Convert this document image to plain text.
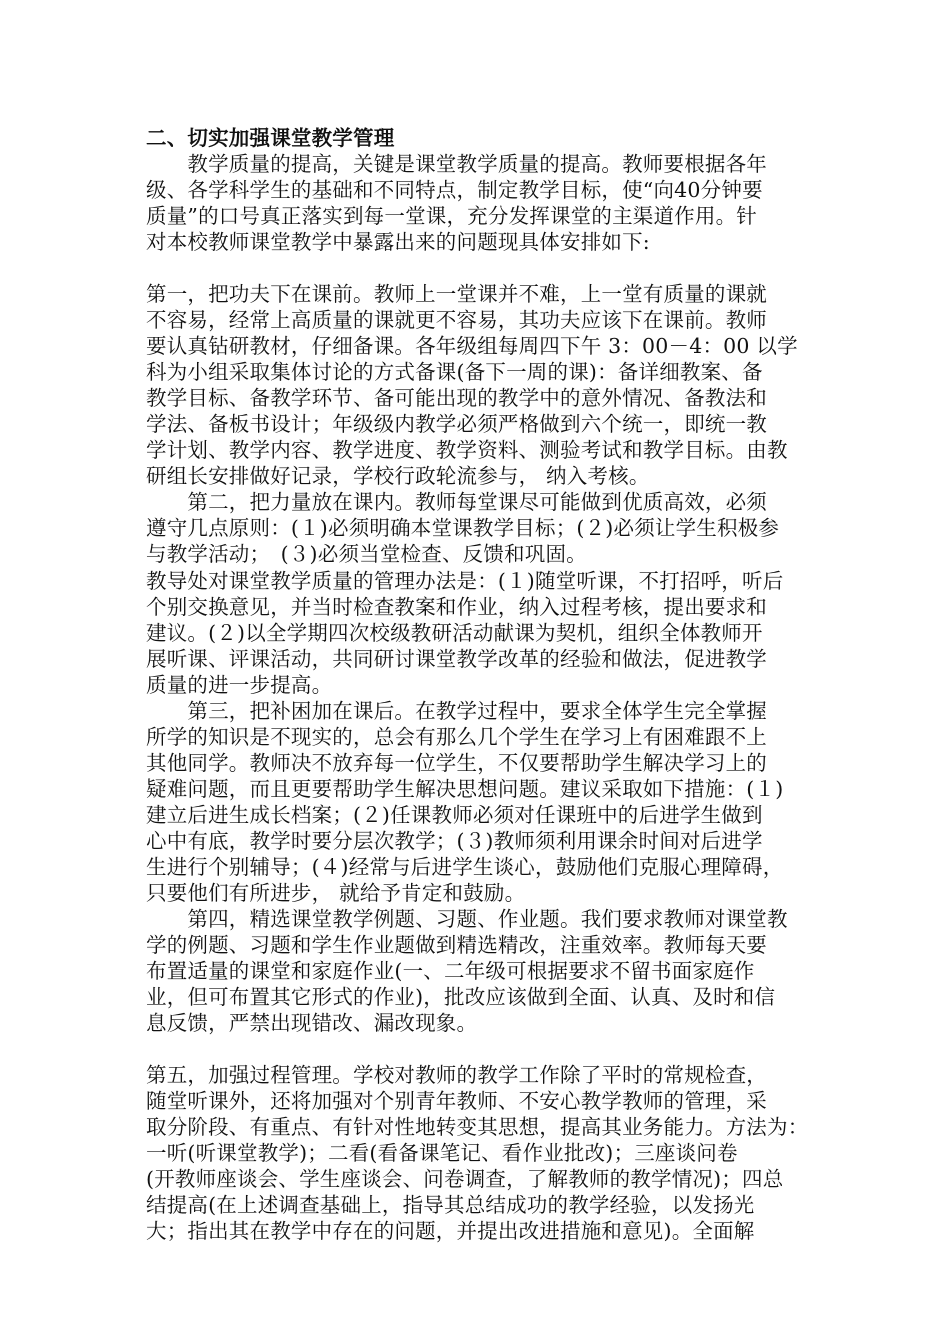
二、切实加强课堂教学管理
　　教学质量的提高，关键是课堂教学质量的提高。教师要根据各年
级、各学科学生的基础和不同特点，制定教学目标，使“向40分钟要
质量”的口号真正落实到每一堂课，充分发挥课堂的主渠道作用。针
对本校教师课堂教学中暴露出来的问题现具体安排如下:
第一，把功夫下在课前。教师上一堂课并不难，上一堂有质量的课就
不容易，经常上高质量的课就更不容易，其功夫应该下在课前。教师
要认真钻研教材，仔细备课。各年级组每周四下午 3：00－4：00 以学
科为小组采取集体讨论的方式备课(备下一周的课)：备详细教案、备
教学目标、备教学环节、备可能出现的教学中的意外情况、备教法和
学法、备板书设计；年级级内教学必须严格做到六个统一，即统一教
学计划、教学内容、教学进度、教学资料、测验考试和教学目标。由教
研组长安排做好记录，学校行政轮流参与， 纳入考核。
　　第二，把力量放在课内。教师每堂课尽可能做到优质高效，必须
遵守几点原则：(１)必须明确本堂课教学目标；(２)必须让学生积极参
与教学活动；　(３)必须当堂检查、反馈和巩固。
教导处对课堂教学质量的管理办法是：(１)随堂听课，不打招呼，听后
个别交换意见，并当时检查教案和作业，纳入过程考核，提出要求和
建议。(２)以全学期四次校级教研活动献课为契机，组织全体教师开
展听课、评课活动，共同研讨课堂教学改革的经验和做法，促进教学
质量的进一步提高。
　　第三，把补困加在课后。在教学过程中，要求全体学生完全掌握
所学的知识是不现实的，总会有那么几个学生在学习上有困难跟不上
其他同学。教师决不放弃每一位学生，不仅要帮助学生解决学习上的
疑难问题，而且更要帮助学生解决思想问题。建议采取如下措施：(１)
建立后进生成长档案；(２)任课教师必须对任课班中的后进学生做到
心中有底，教学时要分层次教学；(３)教师须利用课余时间对后进学
生进行个别辅导；(４)经常与后进学生谈心，鼓励他们克服心理障碍，
只要他们有所进步， 就给予肯定和鼓励。
　　第四，精选课堂教学例题、习题、作业题。我们要求教师对课堂教
学的例题、习题和学生作业题做到精选精改，注重效率。教师每天要
布置适量的课堂和家庭作业(一、二年级可根据要求不留书面家庭作
业，但可布置其它形式的作业)，批改应该做到全面、认真、及时和信
息反馈，严禁出现错改、漏改现象。
第五，加强过程管理。学校对教师的教学工作除了平时的常规检查，
随堂听课外，还将加强对个别青年教师、不安心教学教师的管理，采
取分阶段、有重点、有针对性地转变其思想，提高其业务能力。方法为：
一听(听课堂教学)；二看(看备课笔记、看作业批改)；三座谈问卷
(开教师座谈会、学生座谈会、问卷调查，了解教师的教学情况)；四总
结提高(在上述调查基础上，指导其总结成功的教学经验，以发扬光
大；指出其在教学中存在的问题，并提出改进措施和意见)。全面解
